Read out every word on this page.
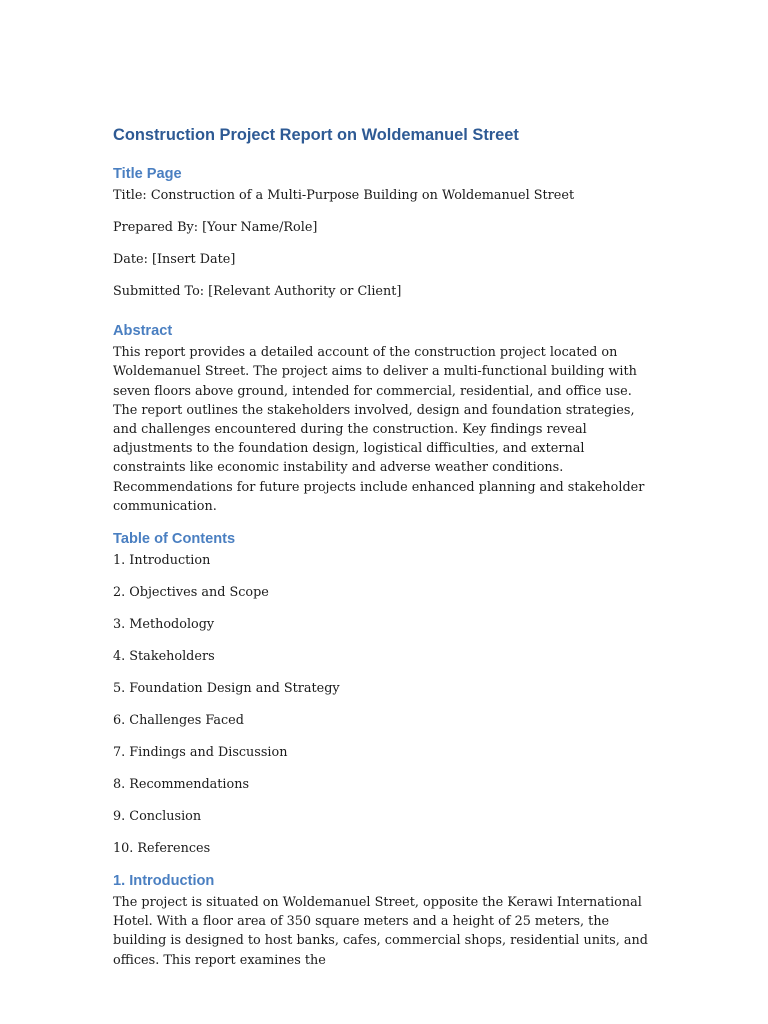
Construction Project Report on Woldemanuel Street
Title Page

Title: Construction of a Multi-Purpose Building on Woldemanuel Street

Prepared By: [Your Name/Role]

Date: [Insert Date]

Submitted To: [Relevant Authority or Client]

Abstract

This report provides a detailed account of the construction project located on Woldemanuel Street. The project aims to deliver a multi-functional building with seven floors above ground, intended for commercial, residential, and office use. The report outlines the stakeholders involved, design and foundation strategies, and challenges encountered during the construction. Key findings reveal adjustments to the foundation design, logistical difficulties, and external constraints like economic instability and adverse weather conditions. Recommendations for future projects include enhanced planning and stakeholder communication.

Table of Contents
1. Introduction
2. Objectives and Scope
3. Methodology
4. Stakeholders
5. Foundation Design and Strategy
6. Challenges Faced
7. Findings and Discussion
8. Recommendations
9. Conclusion
10. References
1. Introduction

The project is situated on Woldemanuel Street, opposite the Kerawi International Hotel. With a floor area of 350 square meters and a height of 25 meters, the building is designed to host banks, cafes, commercial shops, residential units, and offices. This report examines the
